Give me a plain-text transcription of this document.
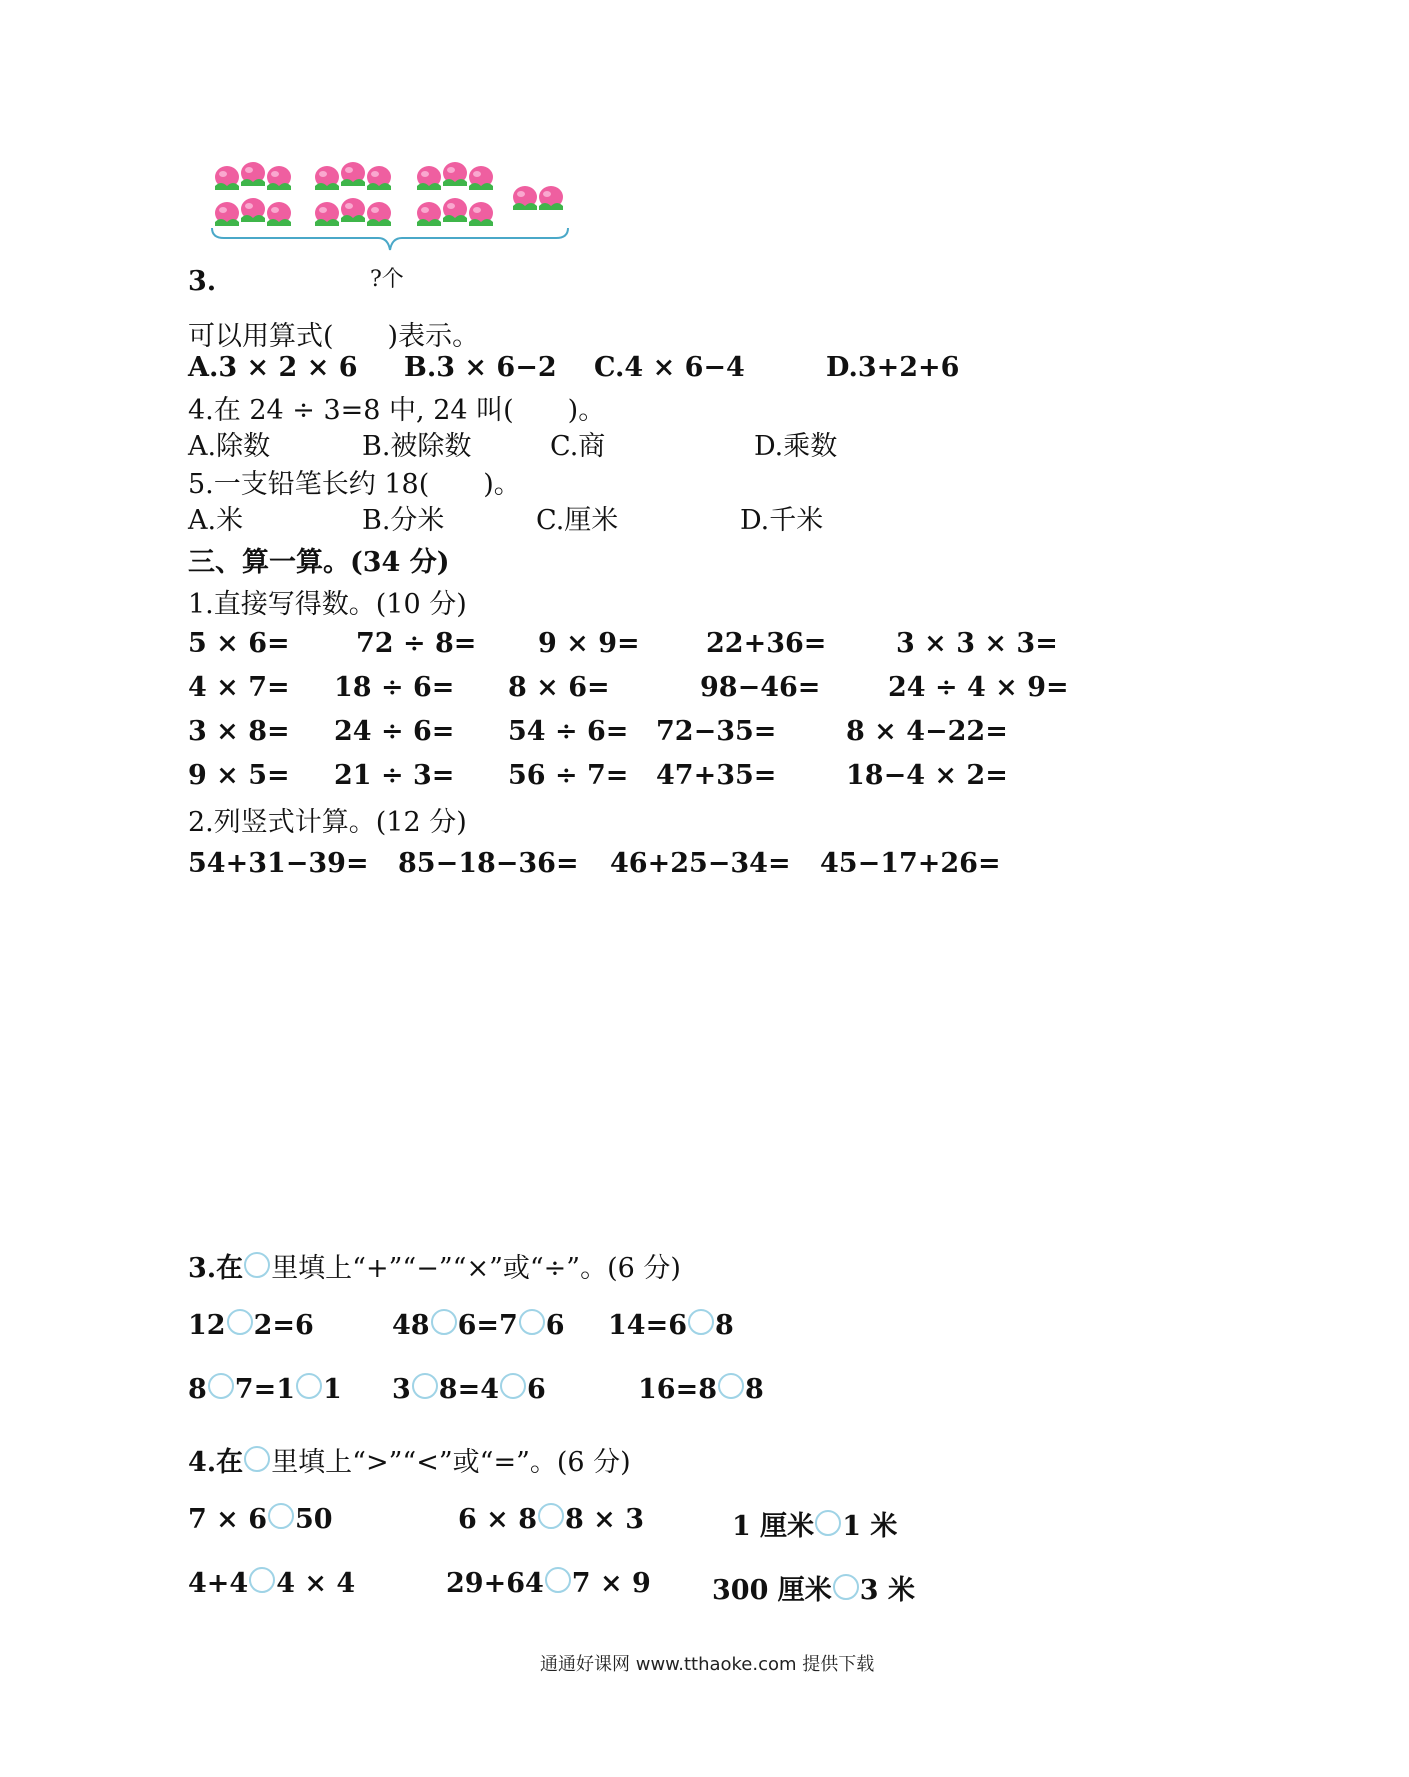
3.	?个
可以用算式(　　)表示。
A.3 × 2 × 6 B.3 × 6−2 C.4 × 6−4	D.3+2+6
4.在 24 ÷ 3=8 中, 24 叫(　　)。
A.除数	B.被除数	C.商	D.乘数
5.一支铅笔长约 18(　　)。
A.米	B.分米	C.厘米	D.千米
三、算一算。(34 分)
1.直接写得数。(10 分)
5 × 6= 72 ÷ 8= 9 × 9= 22+36=	3 × 3 × 3=
4 × 7= 18 ÷ 6= 8 × 6=	98−46=	24 ÷ 4 × 9=
3 × 8= 24 ÷ 6= 54 ÷ 6= 72−35=	8 × 4−22=
9 × 5= 21 ÷ 3= 56 ÷ 7= 47+35=	18−4 × 2=
2.列竖式计算。(12 分)
54+31−39= 85−18−36= 46+25−34= 45−17+26=
3.在 里填上“+”“−”“×”或“÷”。(6 分)
12 2=6	48 6=7 6 14=6 8
8 7=1 1 3 8=4 6	16=8 8
4.在 里填上“>”“<”或“=”。(6 分)
7 × 6 50	6 × 8 8 × 3	1 厘米 1 米
4+4 4 × 4	29+64 7 × 9 300 厘米 3 米
通通好课网 www.tthaoke.com 提供下载
